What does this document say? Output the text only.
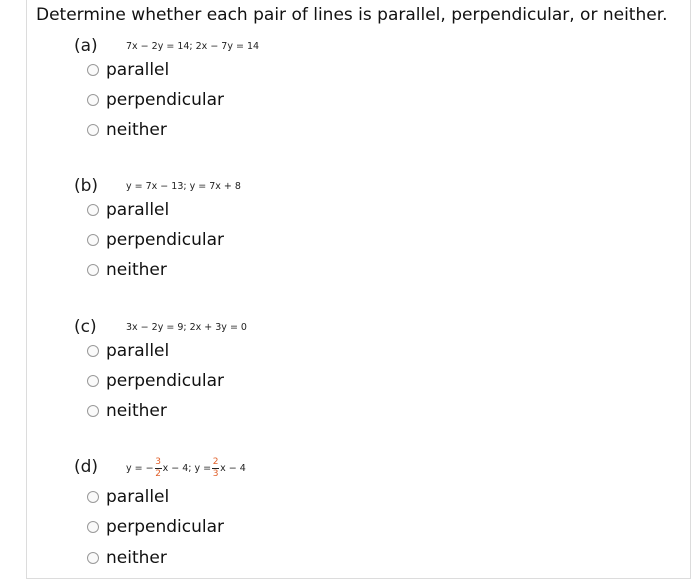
Determine whether each pair of lines is parallel, perpendicular, or neither.
(a)	7x − 2y = 14; 2x − 7y = 14
parallel
perpendicular
neither
(b)	y = 7x − 13; y = 7x + 8
parallel
perpendicular
neither
(c)	3x − 2y = 9; 2x + 3y = 0
parallel
perpendicular
neither
(d)	y = − $\frac{3}{2}$ x − 4; $y = \frac{2}{3}$ x − 4
parallel
perpendicular
neither
